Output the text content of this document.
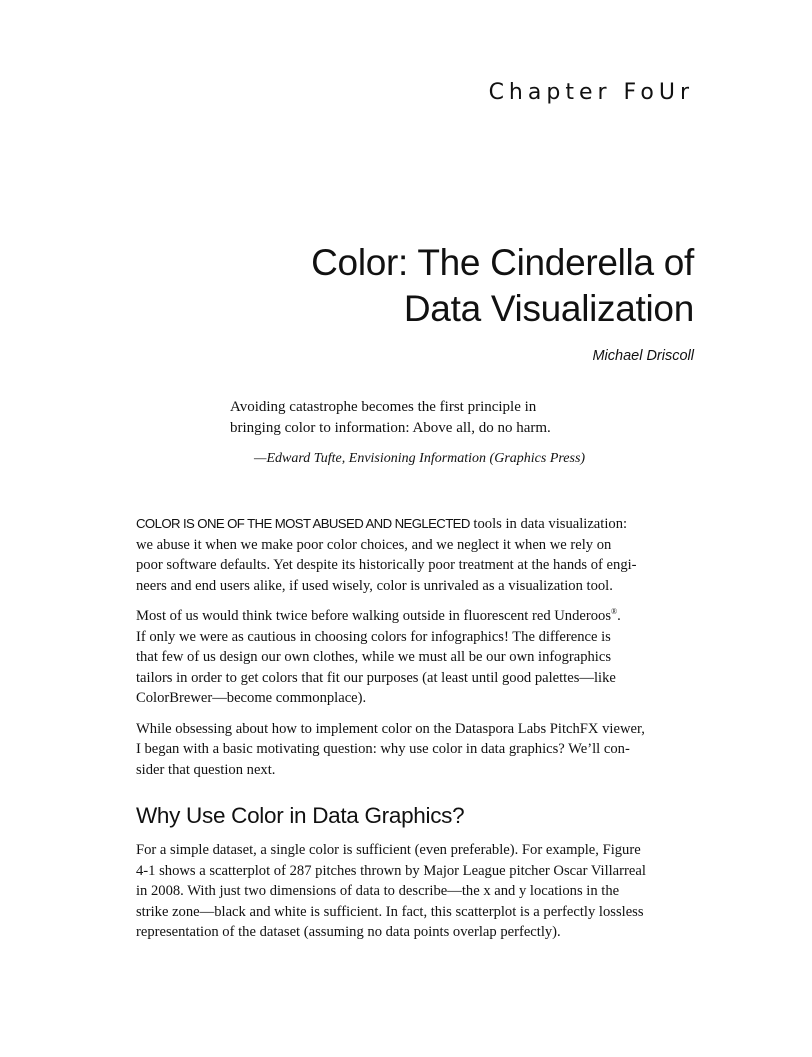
Chapter FoUr
Color: The Cinderella of
Data Visualization
Michael Driscoll
Avoiding catastrophe becomes the first principle in
bringing color to information: Above all, do no harm.
—Edward Tufte, Envisioning Information (Graphics Press)

COLOR IS ONE OF THE MOST ABUSED AND NEGLECTED tools in data visualization:
we abuse it when we make poor color choices, and we neglect it when we rely on
poor software defaults. Yet despite its historically poor treatment at the hands of engi-
neers and end users alike, if used wisely, color is unrivaled as a visualization tool.

Most of us would think twice before walking outside in fluorescent red Underoos®.
If only we were as cautious in choosing colors for infographics! The difference is
that few of us design our own clothes, while we must all be our own infographics
tailors in order to get colors that fit our purposes (at least until good palettes—like
ColorBrewer—become commonplace).

While obsessing about how to implement color on the Dataspora Labs PitchFX viewer,
I began with a basic motivating question: why use color in data graphics? We’ll con-
sider that question next.

Why Use Color in Data Graphics?

For a simple dataset, a single color is sufficient (even preferable). For example, Figure
4-1 shows a scatterplot of 287 pitches thrown by Major League pitcher Oscar Villarreal
in 2008. With just two dimensions of data to describe—the x and y locations in the
strike zone—black and white is sufficient. In fact, this scatterplot is a perfectly lossless
representation of the dataset (assuming no data points overlap perfectly).
